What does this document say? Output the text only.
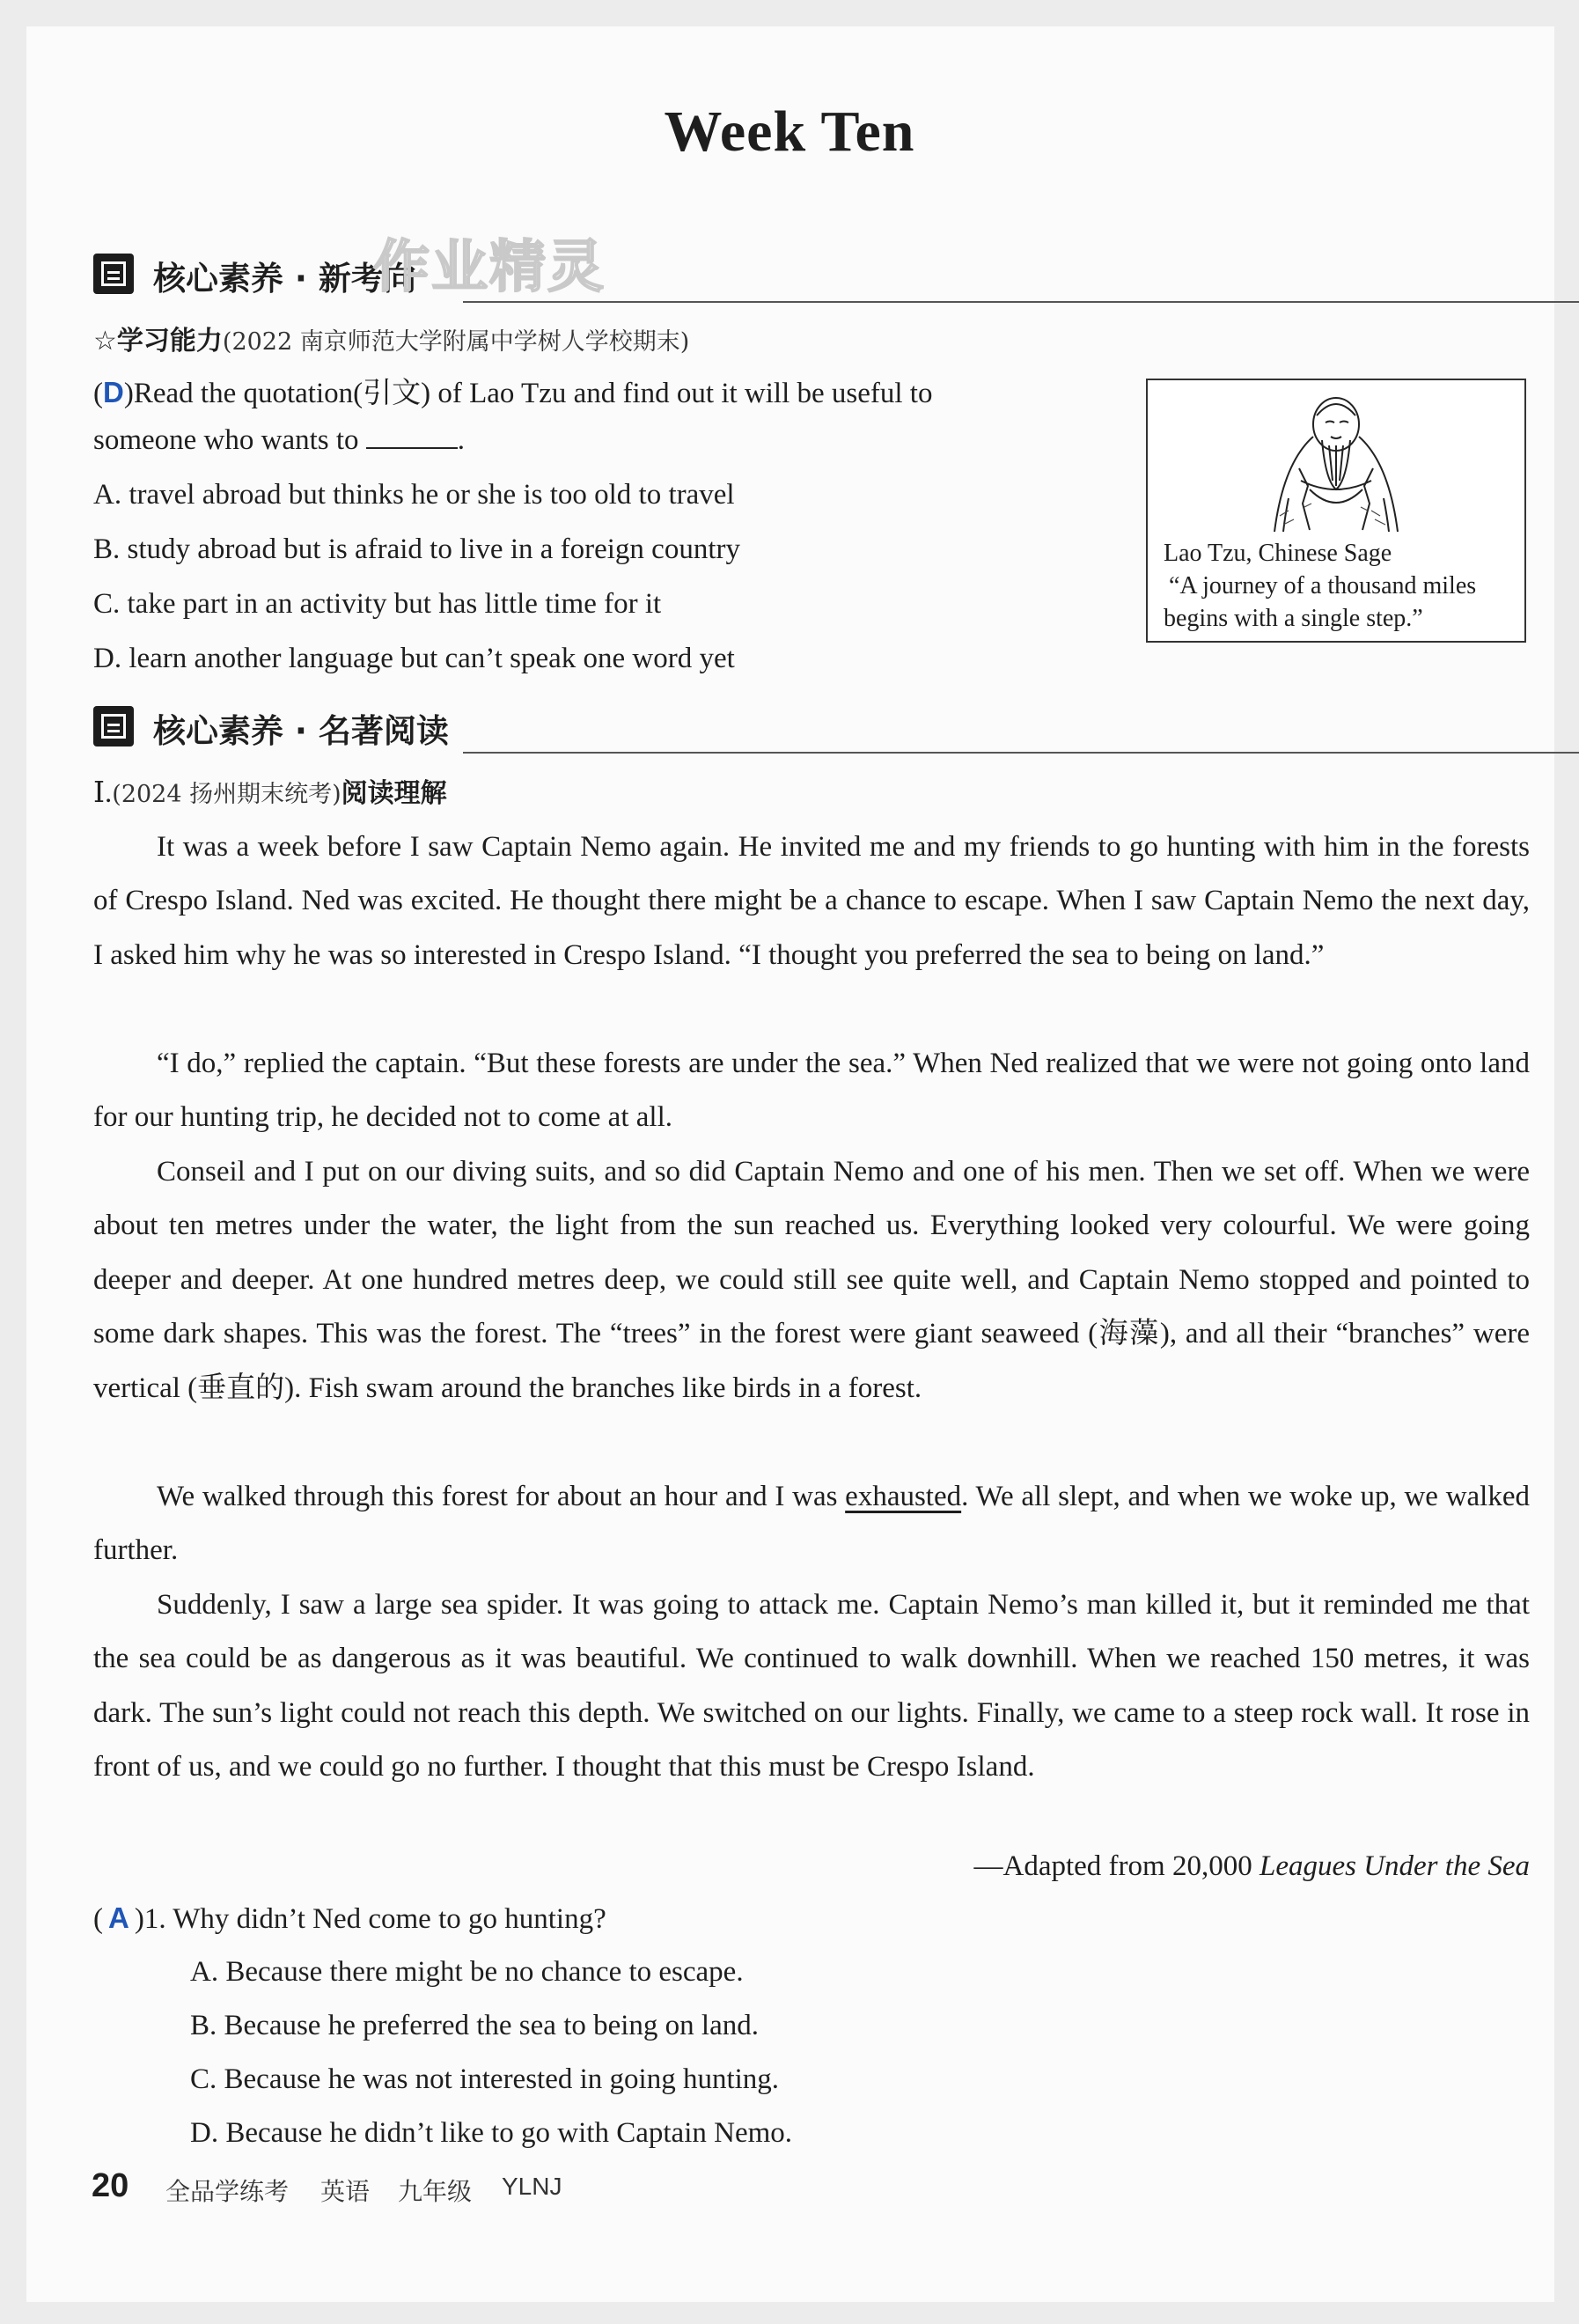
Week Ten
核心素养 · 新考向
作业精灵
☆学习能力(2022 南京师范大学附属中学树人学校期末)
(D)Read the quotation(引文) of Lao Tzu and find out it will be useful to
someone who wants to	.
A. travel abroad but thinks he or she is too old to travel
B. study abroad but is afraid to live in a foreign country
C. take part in an activity but has little time for it
D. learn another language but can’t speak one word yet
Lao Tzu, Chinese Sage
“A journey of a thousand miles
begins with a single step.”
核心素养 · 名著阅读
Ⅰ.(2024 扬州期末统考)阅读理解
It was a week before I saw Captain Nemo again. He invited me and my friends to go hunting with him in the forests of Crespo Island. Ned was excited. He thought there might be a chance to escape. When I saw Captain Nemo the next day, I asked him why he was so interested in Crespo Island. “I thought you preferred the sea to being on land.”
“I do,” replied the captain. “But these forests are under the sea.” When Ned realized that we were not going onto land for our hunting trip, he decided not to come at all.
Conseil and I put on our diving suits, and so did Captain Nemo and one of his men. Then we set off. When we were about ten metres under the water, the light from the sun reached us. Everything looked very colourful. We were going deeper and deeper. At one hundred metres deep, we could still see quite well, and Captain Nemo stopped and pointed to some dark shapes. This was the forest. The “trees” in the forest were giant seaweed (海藻), and all their “branches” were vertical (垂直的). Fish swam around the branches like birds in a forest.
We walked through this forest for about an hour and I was exhausted. We all slept, and when we woke up, we walked further.
Suddenly, I saw a large sea spider. It was going to attack me. Captain Nemo’s man killed it, but it reminded me that the sea could be as dangerous as it was beautiful. We continued to walk downhill. When we reached 150 metres, it was dark. The sun’s light could not reach this depth. We switched on our lights. Finally, we came to a steep rock wall. It rose in front of us, and we could go no further. I thought that this must be Crespo Island.
—Adapted from 20,000 Leagues Under the Sea
( A )1. Why didn’t Ned come to go hunting?
A. Because there might be no chance to escape.
B. Because he preferred the sea to being on land.
C. Because he was not interested in going hunting.
D. Because he didn’t like to go with Captain Nemo.
20 全品学练考 英语 九年级 YLNJ
